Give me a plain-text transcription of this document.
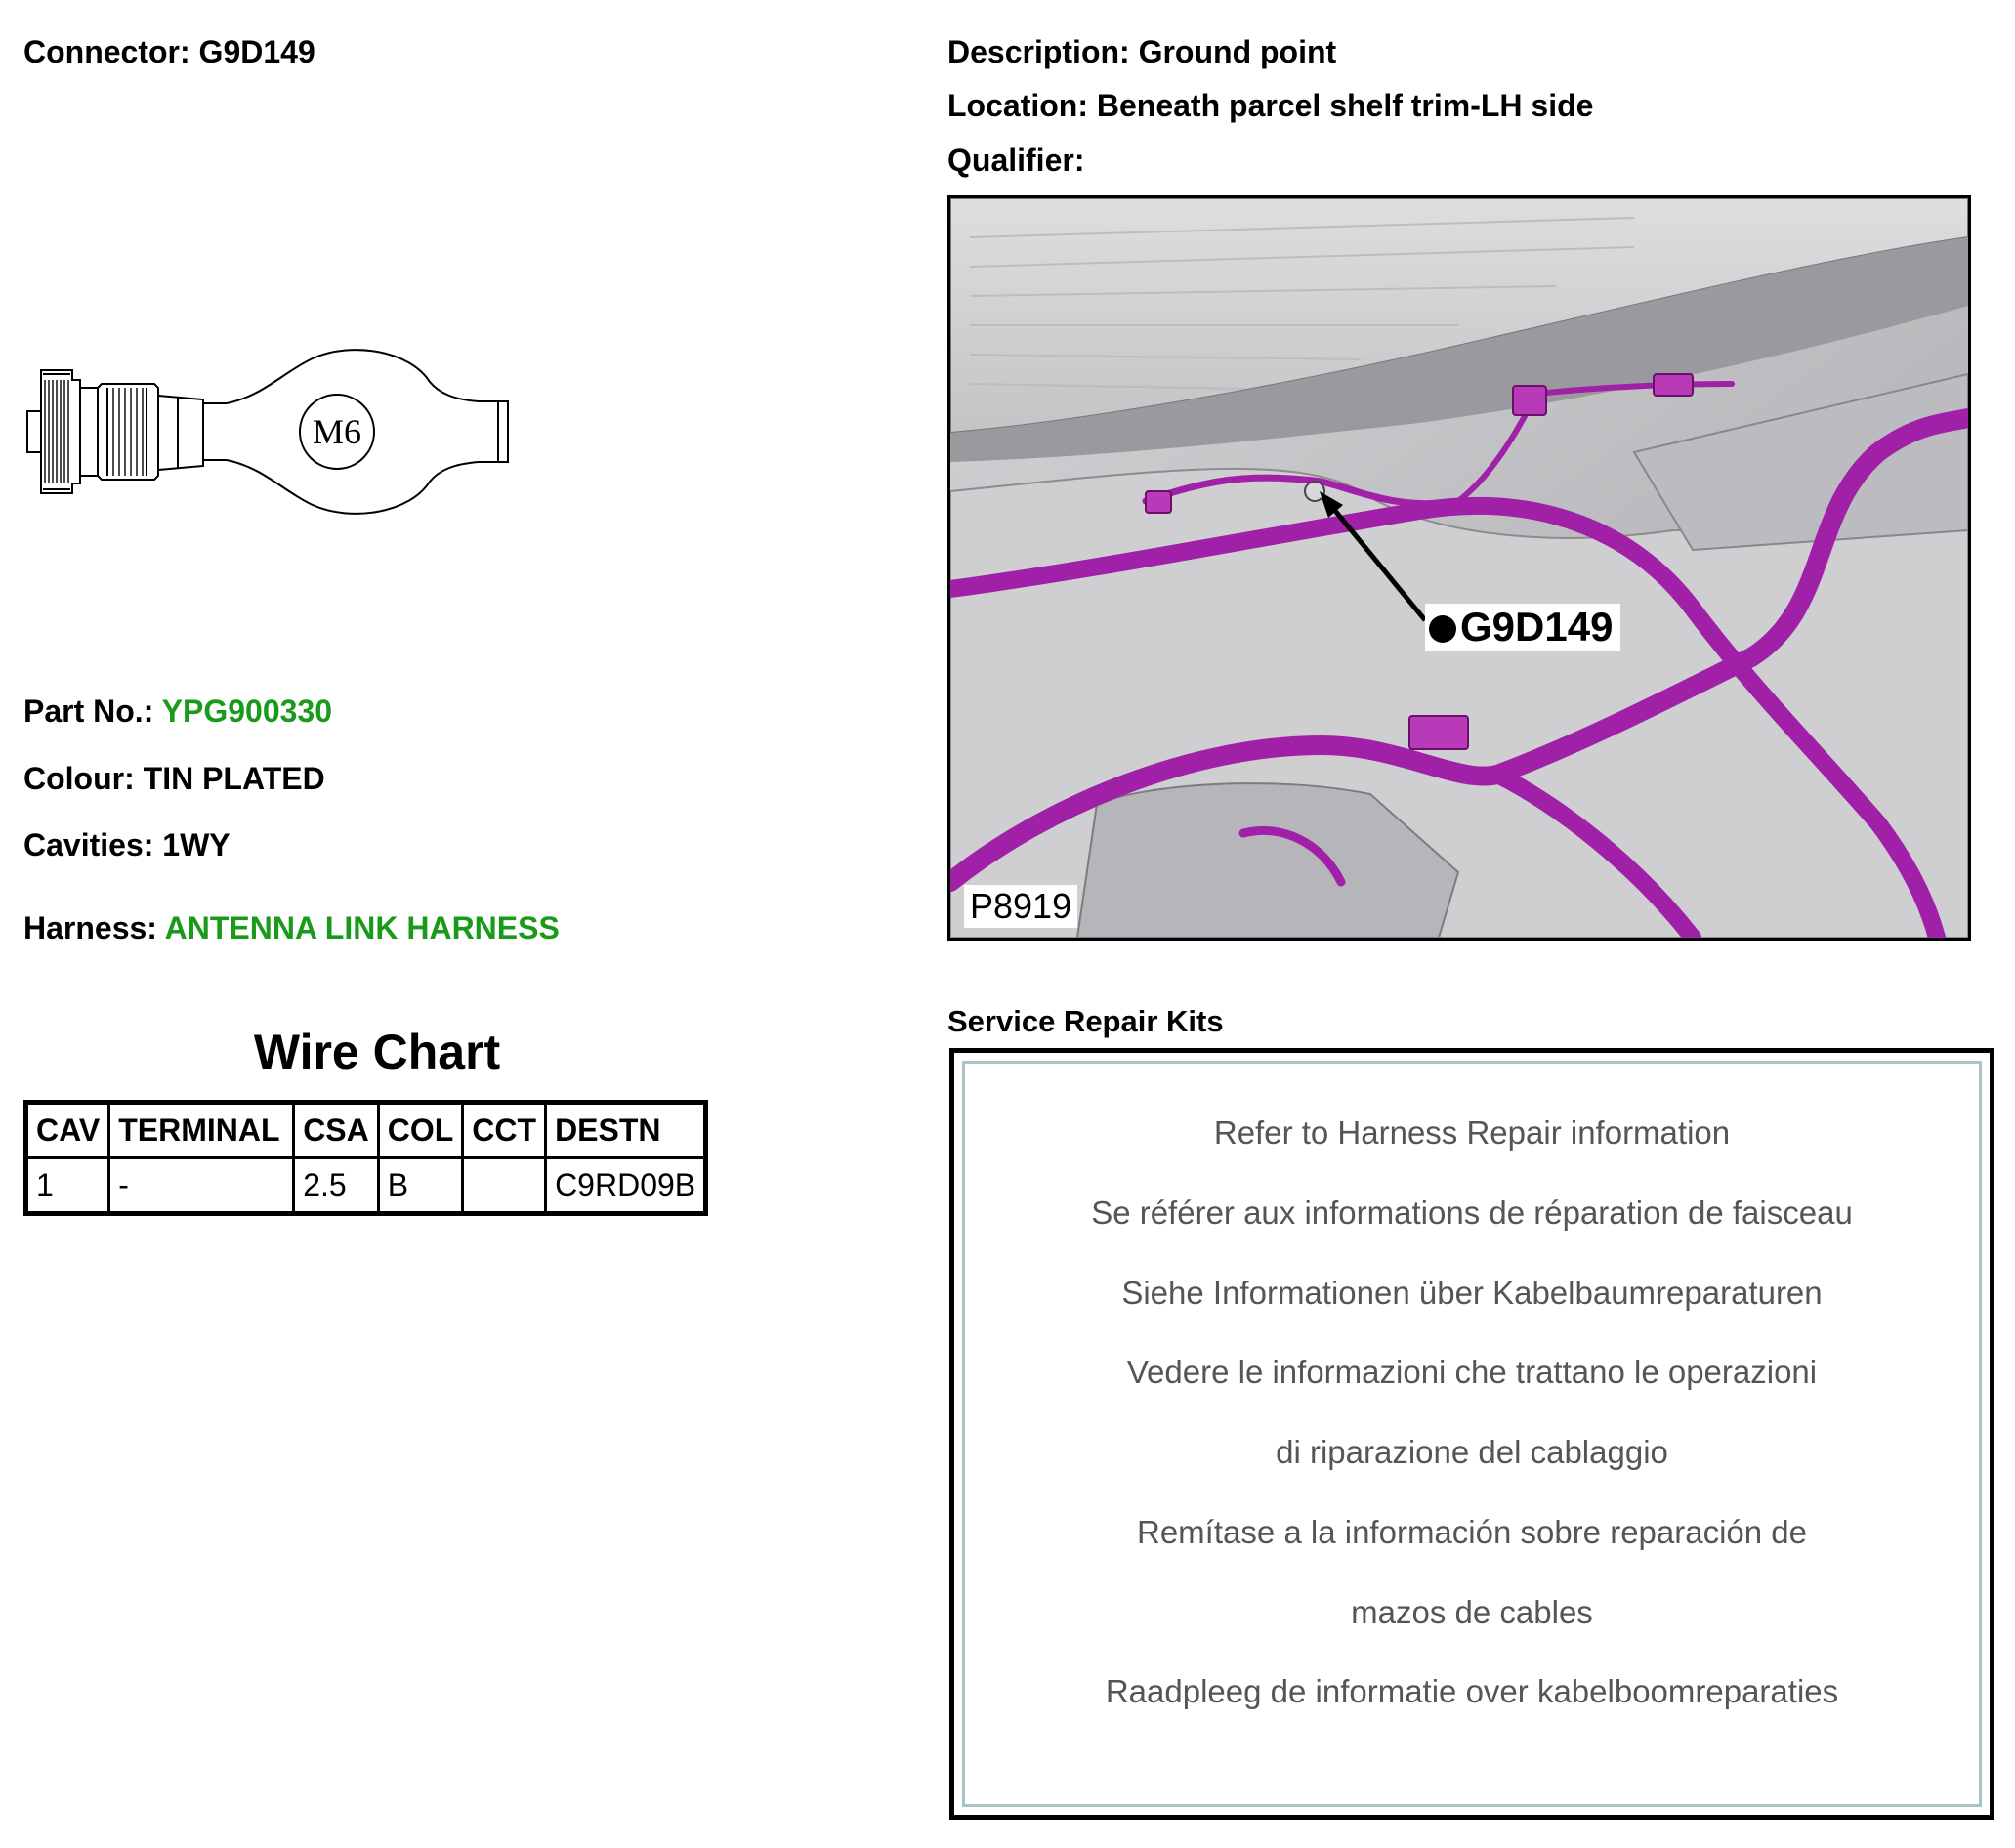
Connector: G9D149
M6
Part No.: YPG900330
Colour: TIN PLATED
Cavities: 1WY
Harness: ANTENNA LINK HARNESS
Wire Chart
CAV	TERMINAL	CSA	COL	CCT	DESTN
1	-	2.5	B		C9RD09B
Description: Ground point
Location: Beneath parcel shelf trim-LH side
Qualifier:
G9D149
P8919
Service Repair Kits
Refer to Harness Repair information
Se référer aux informations de réparation de faisceau
Siehe Informationen über Kabelbaumreparaturen
Vedere le informazioni che trattano le operazioni
di riparazione del cablaggio
Remítase a la información sobre reparación de
mazos de cables
Raadpleeg de informatie over kabelboomreparaties
